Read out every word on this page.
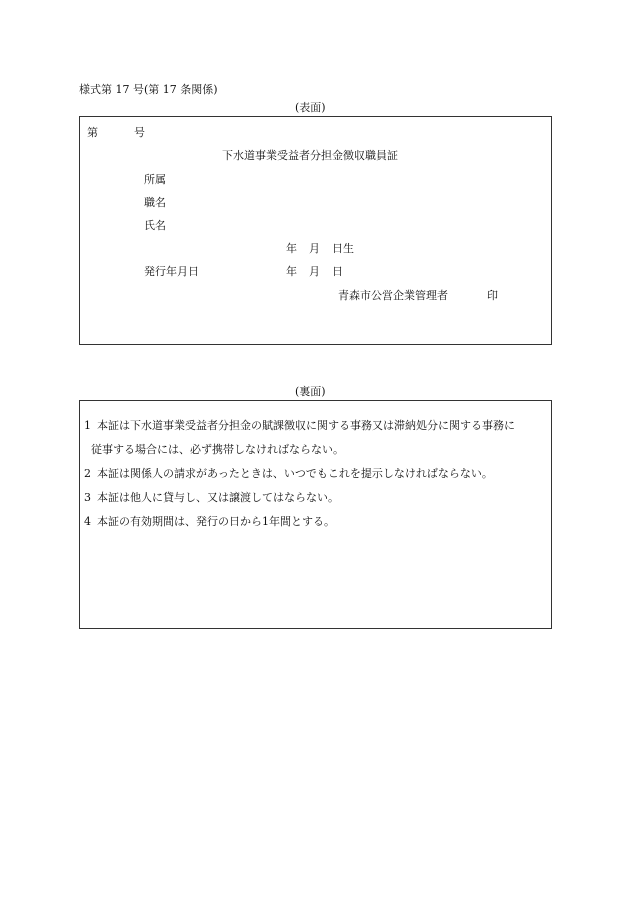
様式第 17 号(第 17 条関係)
(表面)
第	号
下水道事業受益者分担金徴収職員証
所属
職名
氏名
年 月 日生
発行年月日	年 月 日
青森市公営企業管理者	印
(裏面)
1 本証は下水道事業受益者分担金の賦課徴収に関する事務又は滞納処分に関する事務に
従事する場合には、必ず携帯しなければならない。
2 本証は関係人の請求があったときは、いつでもこれを提示しなければならない。
3 本証は他人に貸与し、又は譲渡してはならない。
4 本証の有効期間は、発行の日から1年間とする。
